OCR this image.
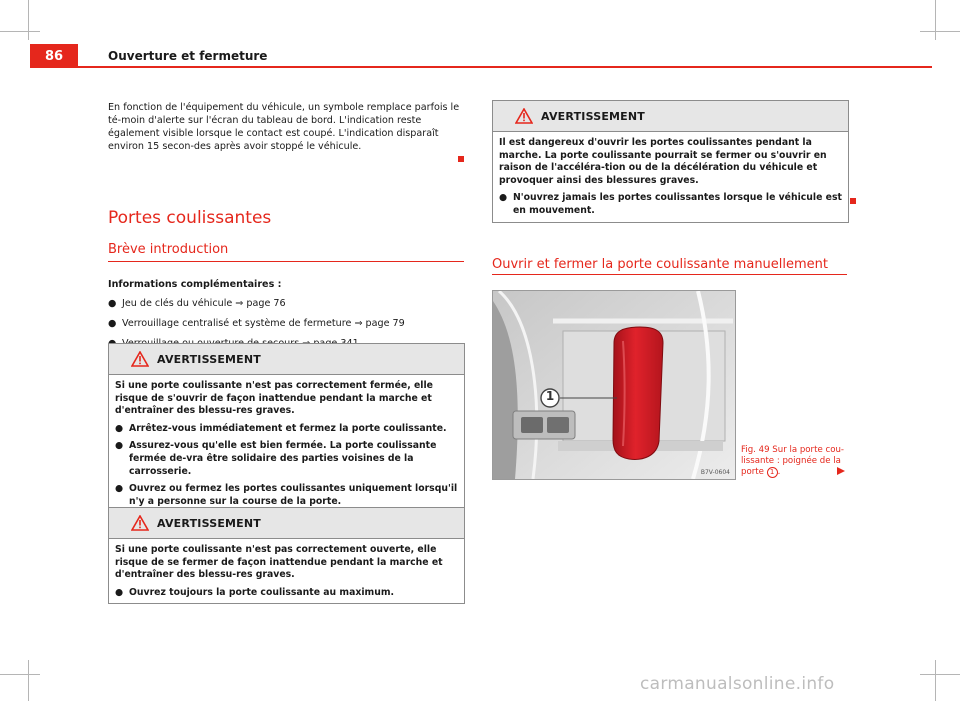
86	Ouverture et fermeture

En fonction de l'équipement du véhicule, un symbole remplace parfois le té-moin d'alerte sur l'écran du tableau de bord. L'indication reste également visible lorsque le contact est coupé. L'indication disparaît environ 15 secon-des après avoir stoppé le véhicule.

Portes coulissantes
Brève introduction

Informations complémentaires :

● Jeu de clés du véhicule ⇒ page 76
● Verrouillage centralisé et système de fermeture ⇒ page 79
AVERTISSEMENT

Si une porte coulissante n'est pas correctement fermée, elle risque de s'ouvrir de façon inattendue pendant la marche et d'entraîner des blessu-res graves.

● Arrêtez-vous immédiatement et fermez la porte coulissante.
● Assurez-vous qu'elle est bien fermée. La porte coulissante fermée de-vra être solidaire des parties voisines de la carrosserie.
● Ouvrez ou fermez les portes coulissantes uniquement lorsqu'il n'y a personne sur la course de la porte.
AVERTISSEMENT

Si une porte coulissante n'est pas correctement ouverte, elle risque de se fermer de façon inattendue pendant la marche et d'entraîner des blessu-res graves.

● Ouvrez toujours la porte coulissante au maximum.
AVERTISSEMENT

Il est dangereux d'ouvrir les portes coulissantes pendant la marche. La porte coulissante pourrait se fermer ou s'ouvrir en raison de l'accéléra-tion ou de la décélération du véhicule et provoquer ainsi des blessures graves.

● N'ouvrez jamais les portes coulissantes lorsque le véhicule est en mouvement.
Ouvrir et fermer la porte coulissante manuellement
1
B7V-0604
Fig. 49 Sur la porte cou-
lissante : poignée de la
porte 1 .
carmanualsonline.info
